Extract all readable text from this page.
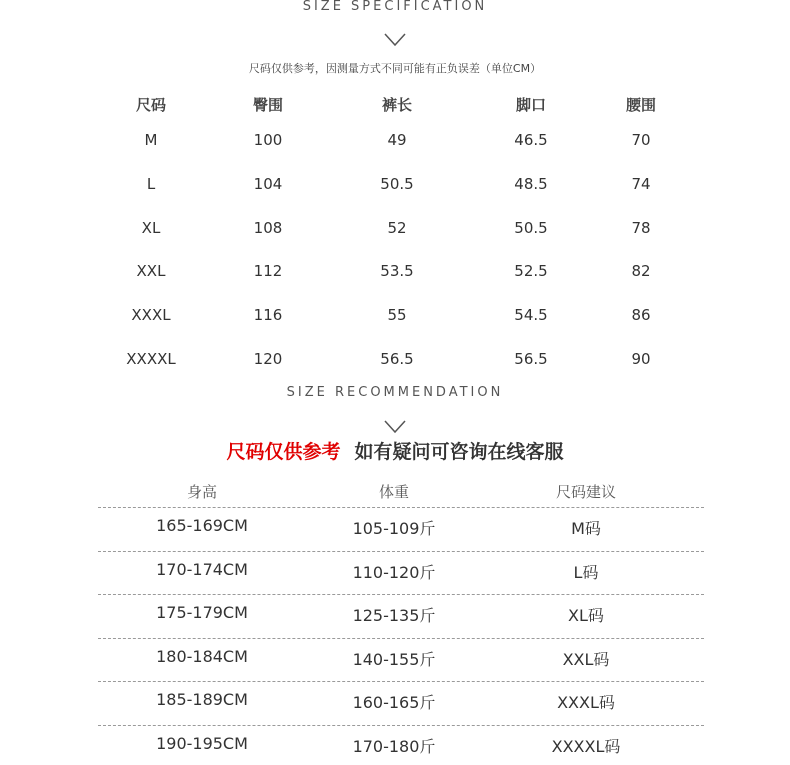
SIZE SPECIFICATION
尺码仅供参考，因测量方式不同可能有正负误差（单位CM）
尺码	臀围	裤长	脚口	腰围
M	100	49	46.5	70
L	104	50.5	48.5	74
XL	108	52	50.5	78
XXL	112	53.5	52.5	82
XXXL	116	55	54.5	86
XXXXL	120	56.5	56.5	90
SIZE RECOMMENDATION
尺码仅供参考 如有疑问可咨询在线客服
身高	体重	尺码建议
165-169CM	105-109斤	M码
170-174CM	110-120斤	L码
175-179CM	125-135斤	XL码
180-184CM	140-155斤	XXL码
185-189CM	160-165斤	XXXL码
190-195CM	170-180斤	XXXXL码
